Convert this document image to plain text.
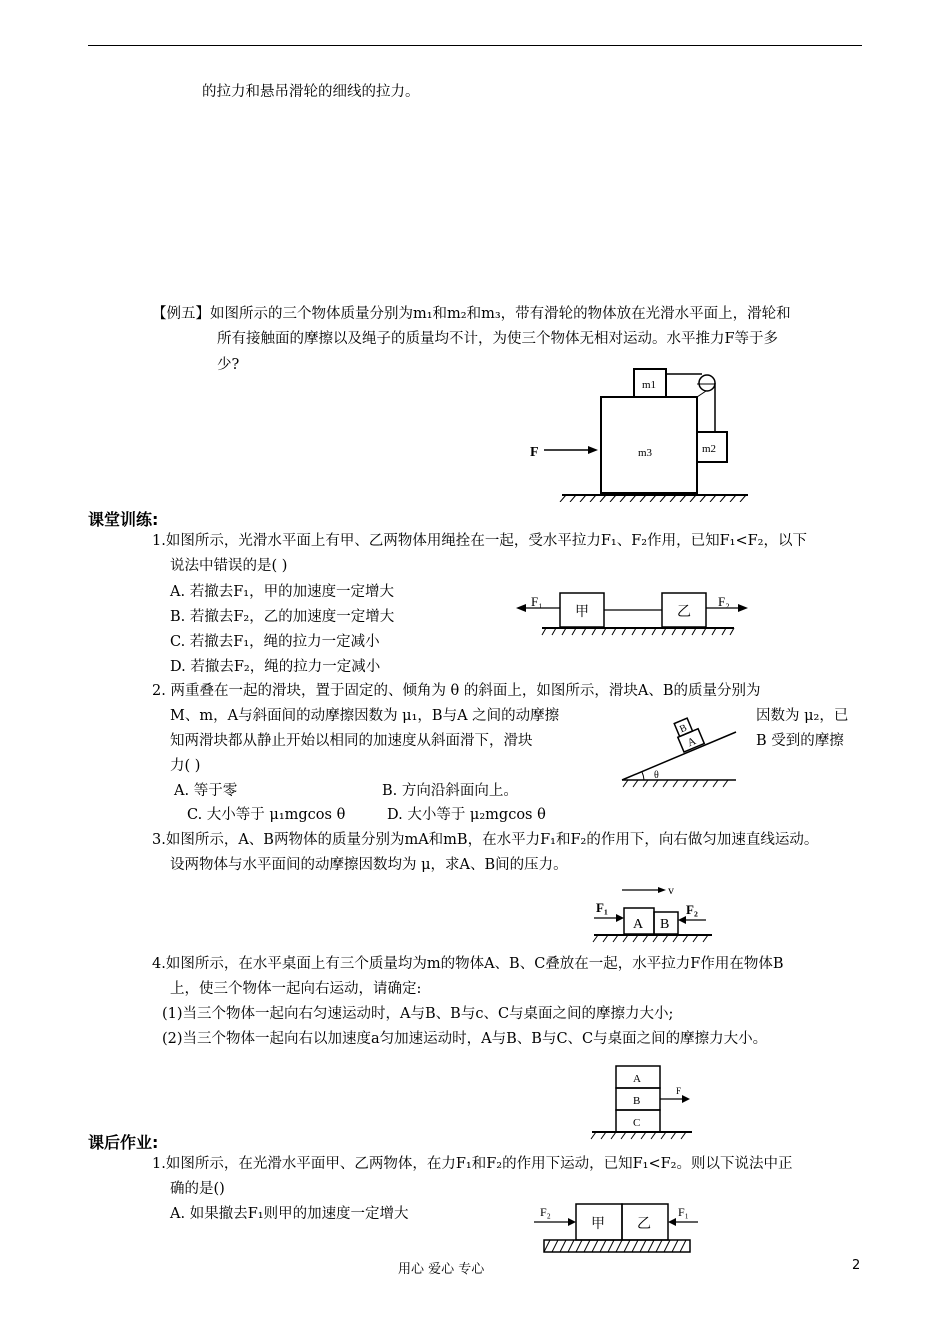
的拉力和悬吊滑轮的细线的拉力。
【例五】如图所示的三个物体质量分别为m₁和m₂和m₃，带有滑轮的物体放在光滑水平面上，滑轮和
所有接触面的摩擦以及绳子的质量均不计，为使三个物体无相对运动。水平推力F等于多
少?
m1
m2
m3
F
课堂训练:
1.如图所示，光滑水平面上有甲、乙两物体用绳拴在一起，受水平拉力F₁、F₂作用，已知F₁<F₂，以下
说法中错误的是( )
A. 若撤去F₁，甲的加速度一定增大
B. 若撤去F₂，乙的加速度一定增大
C. 若撤去F₁，绳的拉力一定减小
D. 若撤去F₂，绳的拉力一定减小
F₁	F₂
甲	乙
2. 两重叠在一起的滑块，置于固定的、倾角为 θ 的斜面上，如图所示，滑块A、B的质量分别为
M、m，A与斜面间的动摩擦因数为 μ₁，B与A 之间的动摩擦	因数为 μ₂，已
知两滑块都从静止开始以相同的加速度从斜面滑下，滑块	B 受到的摩擦
力( )
A. 等于零	B. 方向沿斜面向上。
C. 大小等于 μ₁mgcos θ	D. 大小等于 μ₂mgcos θ
A
B
θ
3.如图所示，A、B两物体的质量分别为mA和mB，在水平力F₁和F₂的作用下，向右做匀加速直线运动。
设两物体与水平面间的动摩擦因数均为 μ，求A、B间的压力。
v
F₁	F₂
A B
4.如图所示，在水平桌面上有三个质量均为m的物体A、B、C叠放在一起，水平拉力F作用在物体B
上，使三个物体一起向右运动，请确定:
(1)当三个物体一起向右匀速运动时，A与B、B与c、C与桌面之间的摩擦力大小;
(2)当三个物体一起向右以加速度a匀加速运动时，A与B、B与C、C与桌面之间的摩擦力大小。
A
B
C
F
课后作业:
1.如图所示，在光滑水平面甲、乙两物体，在力F₁和F₂的作用下运动，已知F₁<F₂。则以下说法中正
确的是()
A. 如果撤去F₁则甲的加速度一定增大	F₂	F₁
甲 乙
用心 爱心 专心	2
